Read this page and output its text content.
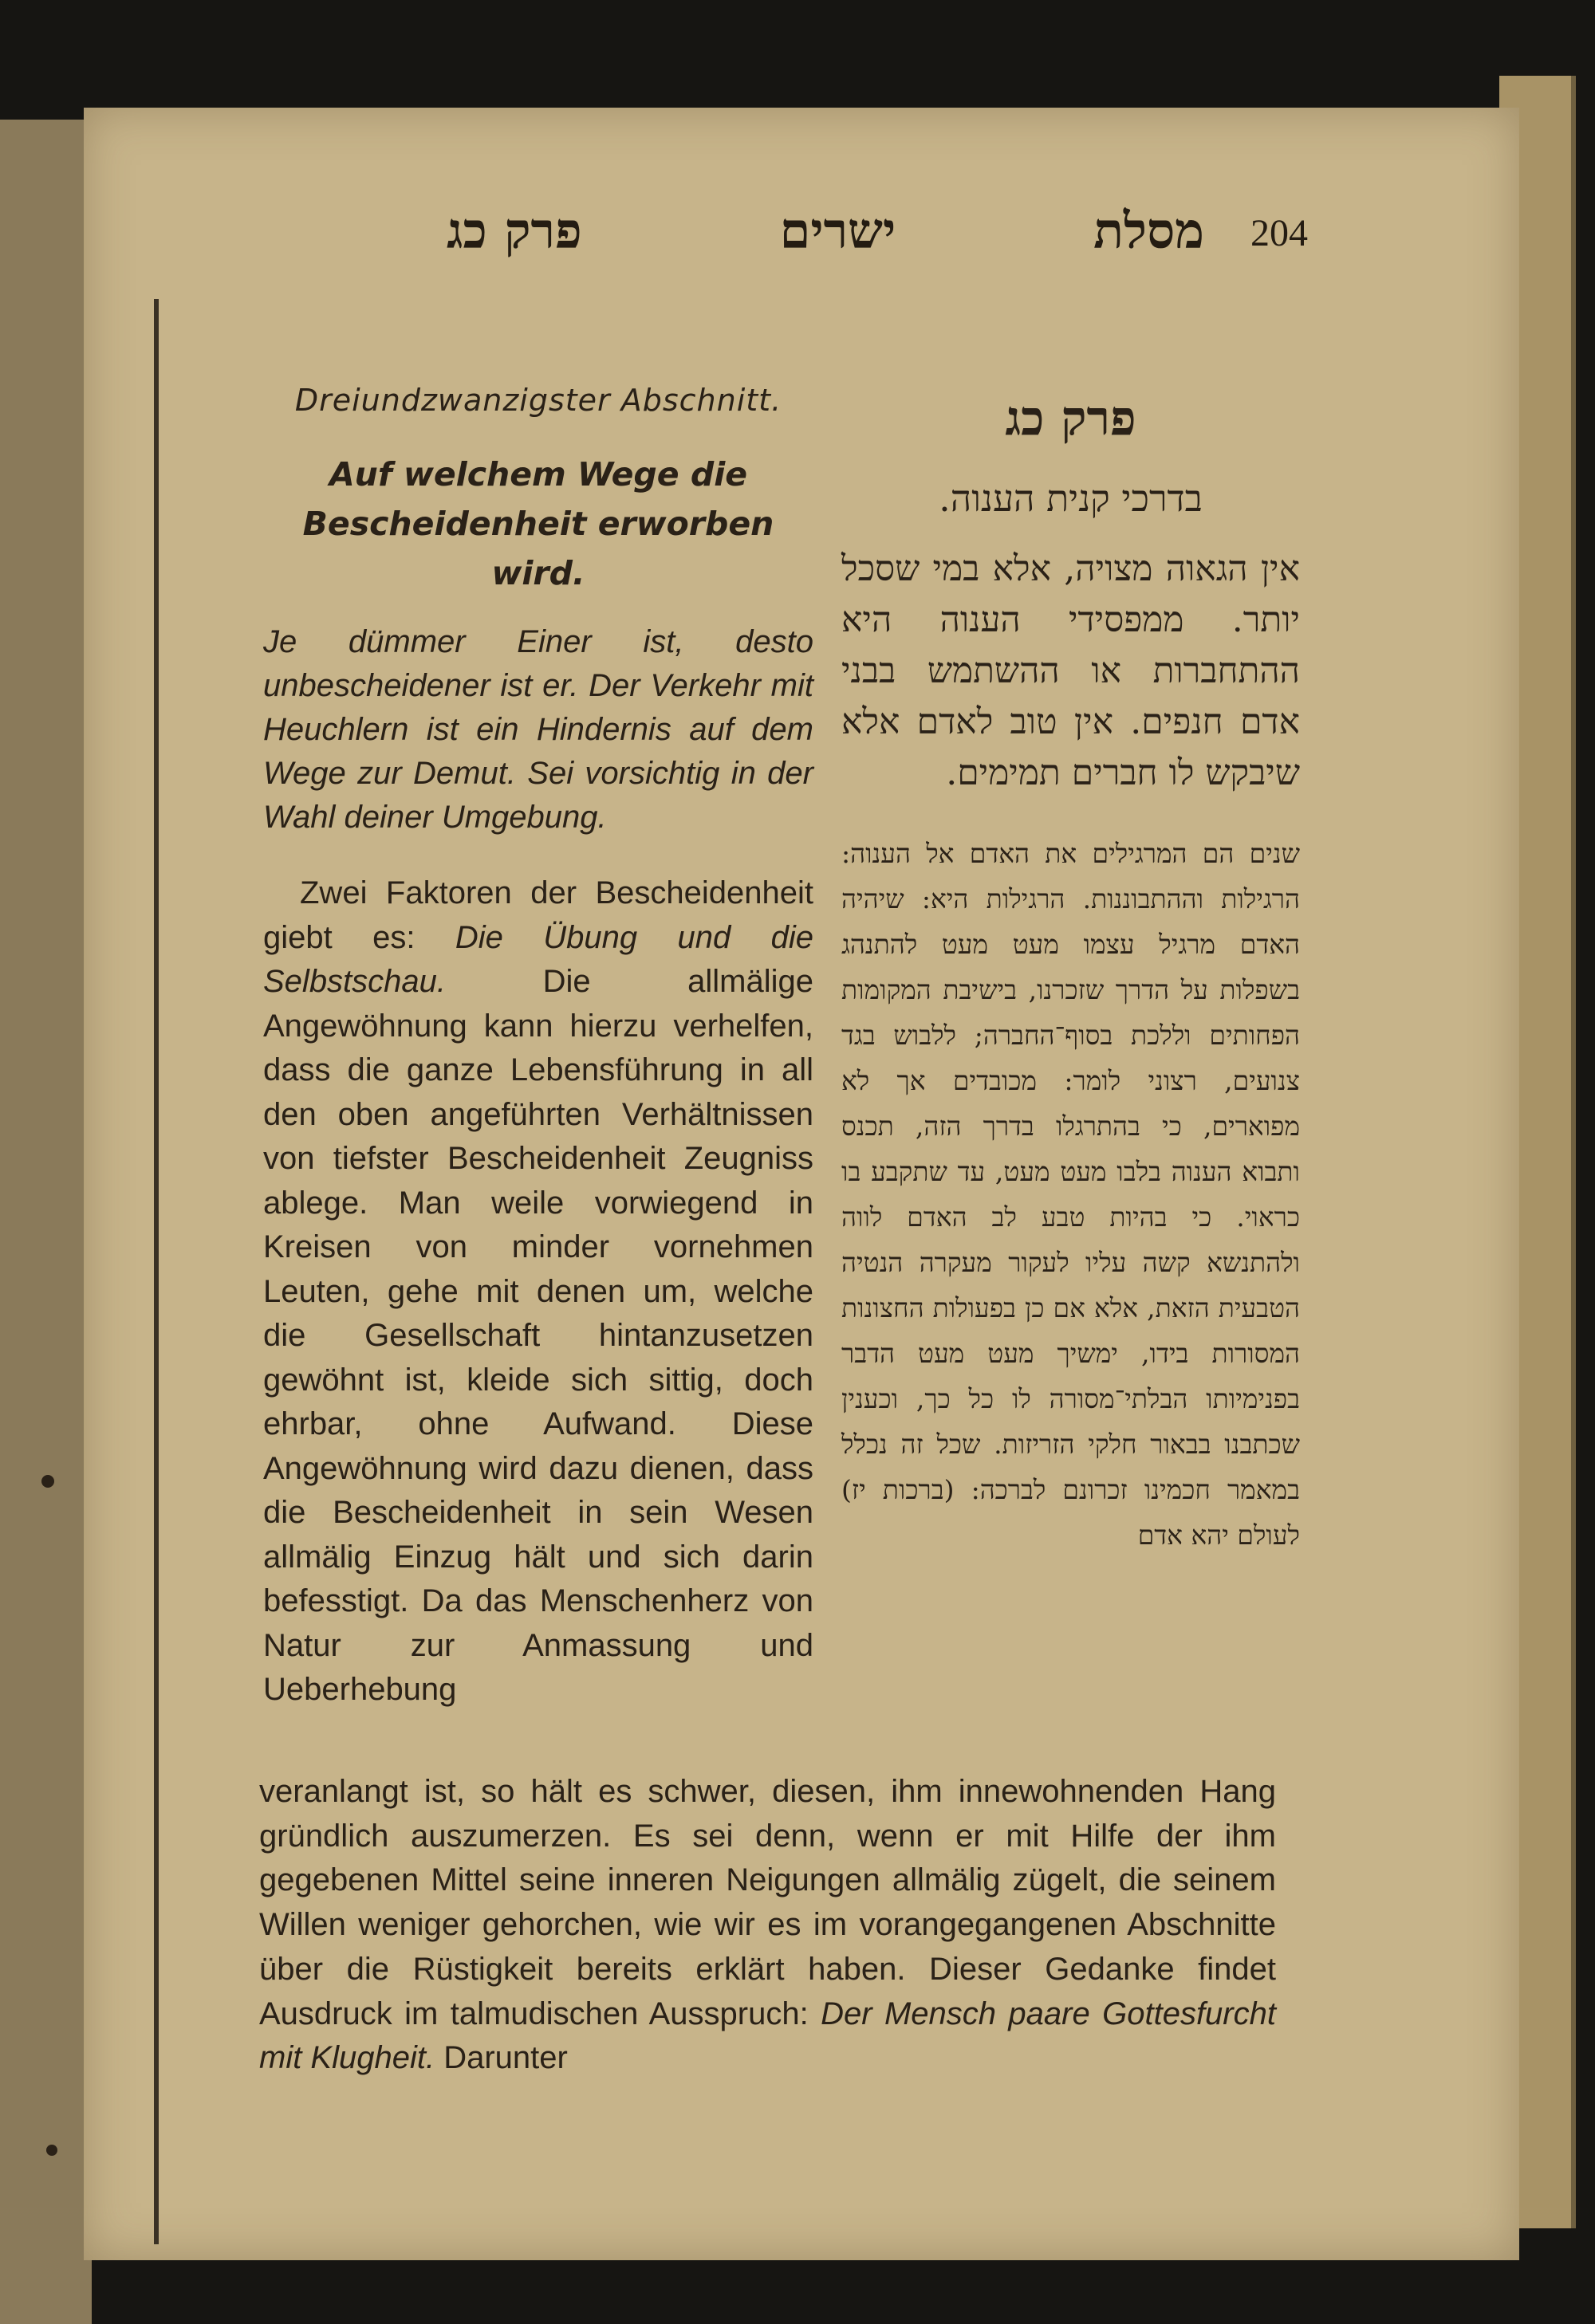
מסלת
ישרים
פרק כג	204

Dreiundzwanzigster Abschnitt.

Auf welchem Wege die Bescheidenheit erworben wird.

Je dümmer Einer ist, desto unbescheidener ist er. Der Verkehr mit Heuchlern ist ein Hindernis auf dem Wege zur Demut. Sei vorsichtig in der Wahl deiner Umgebung.

Zwei Faktoren der Bescheidenheit giebt es: Die Übung und die Selbstschau. Die allmälige Angewöhnung kann hierzu verhelfen, dass die ganze Lebensführung in all den oben angeführten Verhältnissen von tiefster Bescheidenheit Zeugniss ablege. Man weile vorwiegend in Kreisen von minder vornehmen Leuten, gehe mit denen um, welche die Gesellschaft hintanzusetzen gewöhnt ist, kleide sich sittig, doch ehrbar, ohne Aufwand. Diese Angewöhnung wird dazu dienen, dass die Bescheidenheit in sein Wesen allmälig Einzug hält und sich darin befesstigt. Da das Menschenherz von Natur zur Anmassung und Ueberhebung

פרק כג

בדרכי קנית הענוה.

אין הגאוה מצויה, אלא במי שסכל יותר. ממפסידי הענוה היא ההתחברות או ההשתמש בבני אדם חנפים. אין טוב לאדם אלא שיבקש לו חברים תמימים.

שנים הם המרגילים את האדם אל הענוה: הרגילות וההתבוננות. הרגילות היא: שיהיה האדם מרגיל עצמו מעט מעט להתנהג בשפלות על הדרך שזכרנו, בישיבת המקומות הפחותים וללכת בסוף־החברה; ללבוש בגד צנועים, רצוני לומר: מכובדים אך לא מפוארים, כי בהתרגלו בדרך הזה, תכנס ותבוא הענוה בלבו מעט מעט, עד שתקבע בו כראוי. כי בהיות טבע לב האדם לווה ולהתנשא קשה עליו לעקור מעקרה הנטיה הטבעית הזאת, אלא אם כן בפעולות החצונות המסורות בידו, ימשיך מעט מעט הדבר בפנימיותו הבלתי־מסורה לו כל כך, וכענין שכתבנו בבאור חלקי הזריזות. שכל זה נכלל במאמר חכמינו זכרונם לברכה: (ברכות יז) לעולם יהא אדם

veranlangt ist, so hält es schwer, diesen, ihm innewohnenden Hang gründlich auszumerzen. Es sei denn, wenn er mit Hilfe der ihm gegebenen Mittel seine inneren Neigungen allmälig zügelt, die seinem Willen weniger gehorchen, wie wir es im vorangegangenen Abschnitte über die Rüstigkeit bereits erklärt haben. Dieser Gedanke findet Ausdruck im talmudischen Ausspruch: Der Mensch paare Gottesfurcht mit Klugheit. Darunter
